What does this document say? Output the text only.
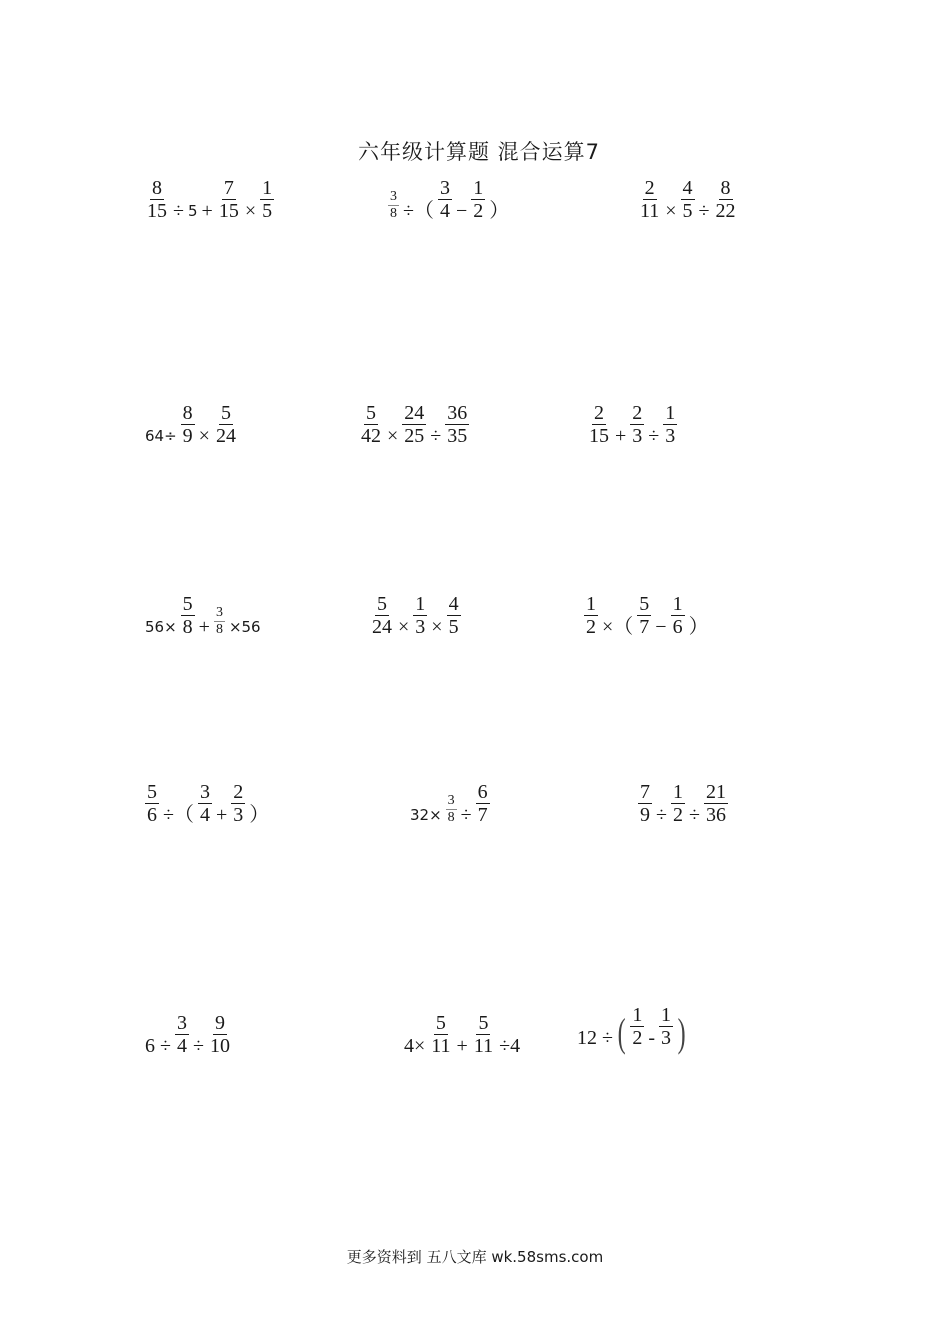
六年级计算题 混合运算7
$\frac{8}{15} \div 5 + \frac{7}{15} \times \frac{1}{5}$	$\frac{3}{8}$ ÷（ $\frac{3}{4} - \frac{1}{2}$ ）	$\frac{2}{11} \times \frac{4}{5} \div \frac{8}{22}$
$64\div \frac{8}{9} \times \frac{5}{24}$	$\frac{5}{42} \times \frac{24}{25} \div \frac{36}{35}$	$\frac{2}{15} + \frac{2}{3} \div \frac{1}{3}$
$56\times \frac{5}{8} + \frac{3}{8} \times 56$	$\frac{5}{24} \times \frac{1}{3} \times \frac{4}{5}$	$\frac{1}{2}$ ×（ $\frac{5}{7} - \frac{1}{6}$ ）
$\frac{5}{6}$ ÷（ $\frac{3}{4} + \frac{2}{3}$ ）	$32\times \frac{3}{8} \div \frac{6}{7}$	$\frac{7}{9} \div \frac{1}{2} \div \frac{21}{36}$
$6 \div \frac{3}{4} \div \frac{9}{10}$	$4\times \frac{5}{11} + \frac{5}{11} \div 4$	12 ÷ ( $\frac{1}{2} - \frac{1}{3}$ )
更多资料到 五八文库 wk.58sms.com
